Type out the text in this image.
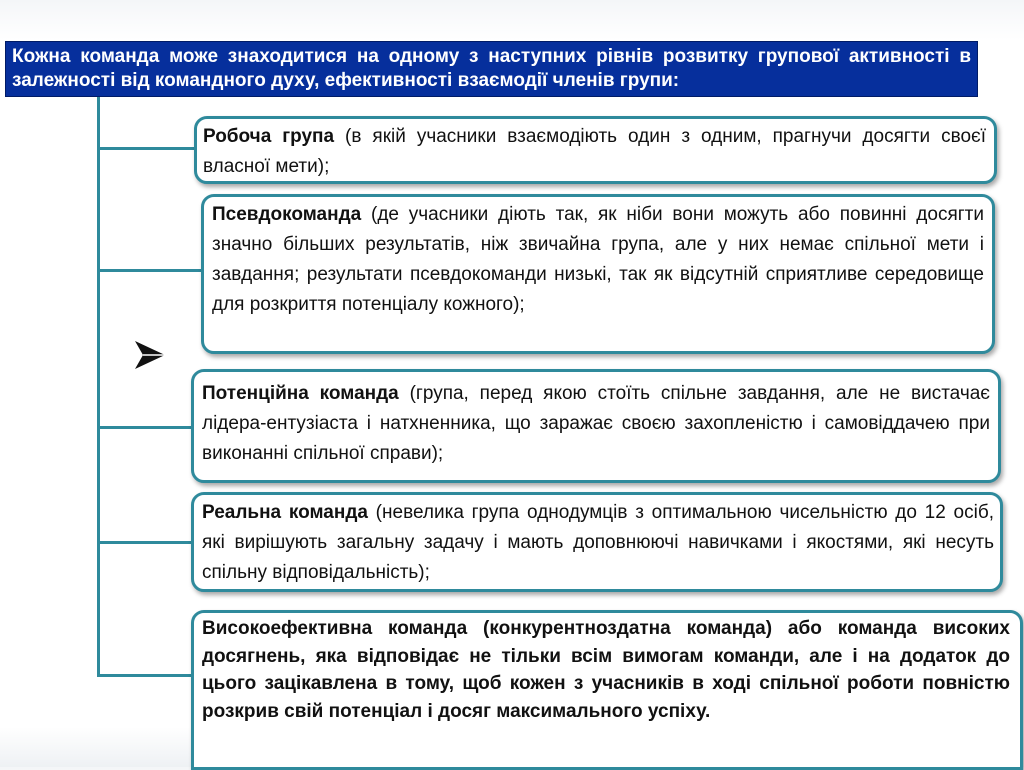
Кожна команда може знаходитися на одному з наступних рівнів розвитку групової активності в залежності від командного духу, ефективності взаємодії членів групи:
Робоча група (в якій учасники взаємодіють один з одним, прагнучи досягти своєї власної мети);
Псевдокоманда (де учасники діють так, як ніби вони можуть або повинні досягти значно більших результатів, ніж звичайна група, але у них немає спільної мети і завдання; результати псевдокоманди низькі, так як відсутній сприятливе середовище для розкриття потенціалу кожного);
Потенційна команда (група, перед якою стоїть спільне завдання, але не вистачає лідера-ентузіаста і натхненника, що заражає своєю захопленістю і самовіддачею при виконанні спільної справи);
Реальна команда (невелика група однодумців з оптимальною чисельністю до 12 осіб, які вирішують загальну задачу і мають доповнюючі навичками і якостями, які несуть спільну відповідальність);
Високоефективна команда (конкурентноздатна команда) або команда високих досягнень, яка відповідає не тільки всім вимогам команди, але і на додаток до цього зацікавлена в тому, щоб кожен з учасників в ході спільної роботи повністю розкрив свій потенціал і досяг максимального успіху.
